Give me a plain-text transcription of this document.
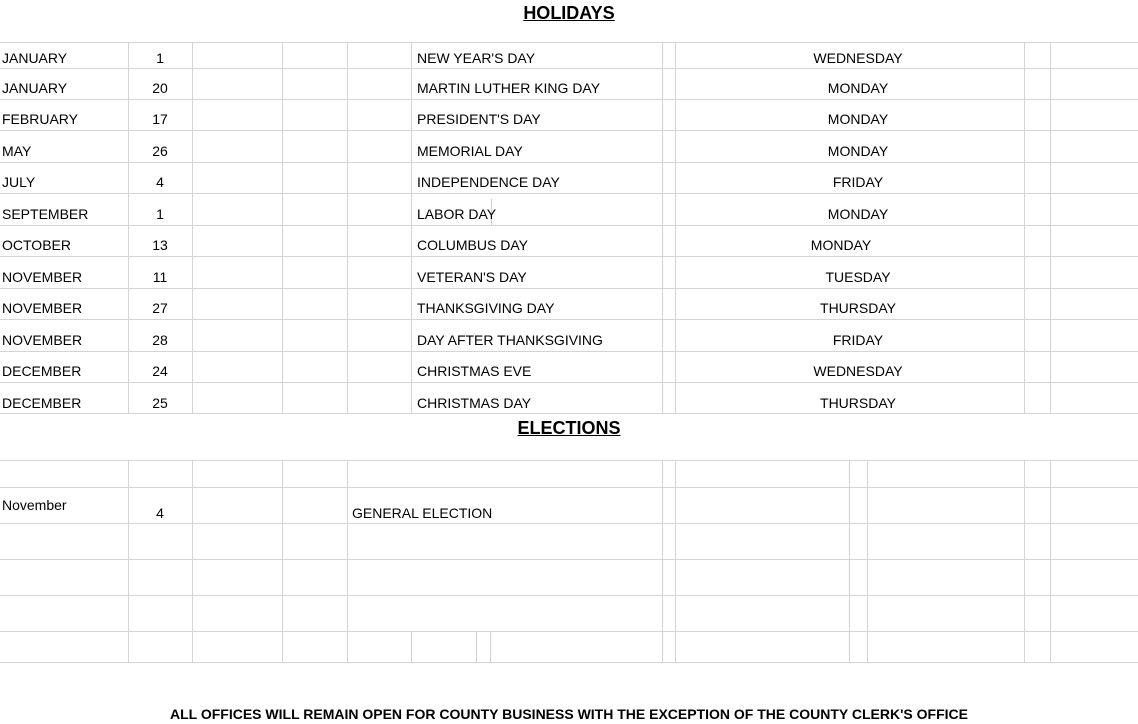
HOLIDAYS
JANUARY	1	NEW YEAR'S DAY	WEDNESDAY
JANUARY	20	MARTIN LUTHER KING DAY	MONDAY
FEBRUARY	17	PRESIDENT'S DAY	MONDAY
MAY	26	MEMORIAL DAY	MONDAY
JULY	4	INDEPENDENCE DAY	FRIDAY
SEPTEMBER	1	LABOR DAY	MONDAY
OCTOBER	13	COLUMBUS DAY	MONDAY
NOVEMBER	11	VETERAN'S DAY	TUESDAY
NOVEMBER	27	THANKSGIVING DAY	THURSDAY
NOVEMBER	28	DAY AFTER THANKSGIVING	FRIDAY
DECEMBER	24	CHRISTMAS EVE	WEDNESDAY
DECEMBER	25	CHRISTMAS DAY	THURSDAY
ELECTIONS
November	4	GENERAL ELECTION
ALL OFFICES WILL REMAIN OPEN FOR COUNTY BUSINESS WITH THE EXCEPTION OF THE COUNTY CLERK'S OFFICE
